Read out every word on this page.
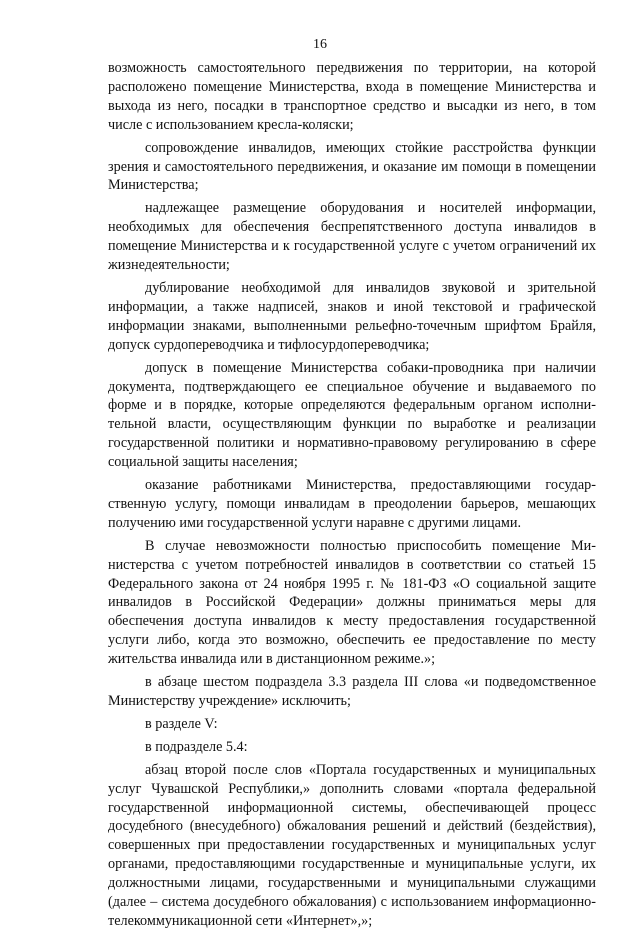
16

возможность самостоятельного передвижения по территории, на которой расположено помещение Министерства, входа в помещение Министерства и выхода из него, посадки в транспортное средство и высадки из него, в том числе с использованием кресла-коляски;

сопровождение инвалидов, имеющих стойкие расстройства функции зрения и самостоятельного передвижения, и оказание им помощи в помещении Министерства;

надлежащее размещение оборудования и носителей информации, необходимых для обеспечения беспрепятственного доступа инвалидов в помещение Министерства и к государственной услуге с учетом ограничений их жизнедеятельности;

дублирование необходимой для инвалидов звуковой и зрительной информации, а также надписей, знаков и иной текстовой и графической информации знаками, выполненными рельефно-точечным шрифтом Брайля, допуск сурдопереводчика и тифлосурдопереводчика;

допуск в помещение Министерства собаки-проводника при наличии документа, подтверждающего ее специальное обучение и выдаваемого по форме и в порядке, которые определяются федеральным органом исполнительной власти, осуществляющим функции по выработке и реализации государственной политики и нормативно-правовому регулированию в сфере социальной защиты населения;

оказание работниками Министерства, предоставляющими государственную услугу, помощи инвалидам в преодолении барьеров, мешающих получению ими государственной услуги наравне с другими лицами.

В случае невозможности полностью приспособить помещение Министерства с учетом потребностей инвалидов в соответствии со статьей 15 Федерального закона от 24 ноября 1995 г. № 181-ФЗ «О социальной защите инвалидов в Российской Федерации» должны приниматься меры для обеспечения доступа инвалидов к месту предоставления государственной услуги либо, когда это возможно, обеспечить ее предоставление по месту жительства инвалида или в дистанционном режиме.»;

в абзаце шестом подраздела 3.3 раздела III слова «и подведомственное Министерству учреждение» исключить;

в разделе V:

в подразделе 5.4:

абзац второй после слов «Портала государственных и муниципальных услуг Чувашской Республики,» дополнить словами «портала федеральной государственной информационной системы, обеспечивающей процесс досудебного (внесудебного) обжалования решений и действий (бездействия), совершенных при предоставлении государственных и муниципальных услуг органами, предоставляющими государственные и муниципальные услуги, их должностными лицами, государственными и муниципальными служащими (далее – система досудебного обжалования) с использованием информационно-телекоммуникационной сети «Интернет»,»;
